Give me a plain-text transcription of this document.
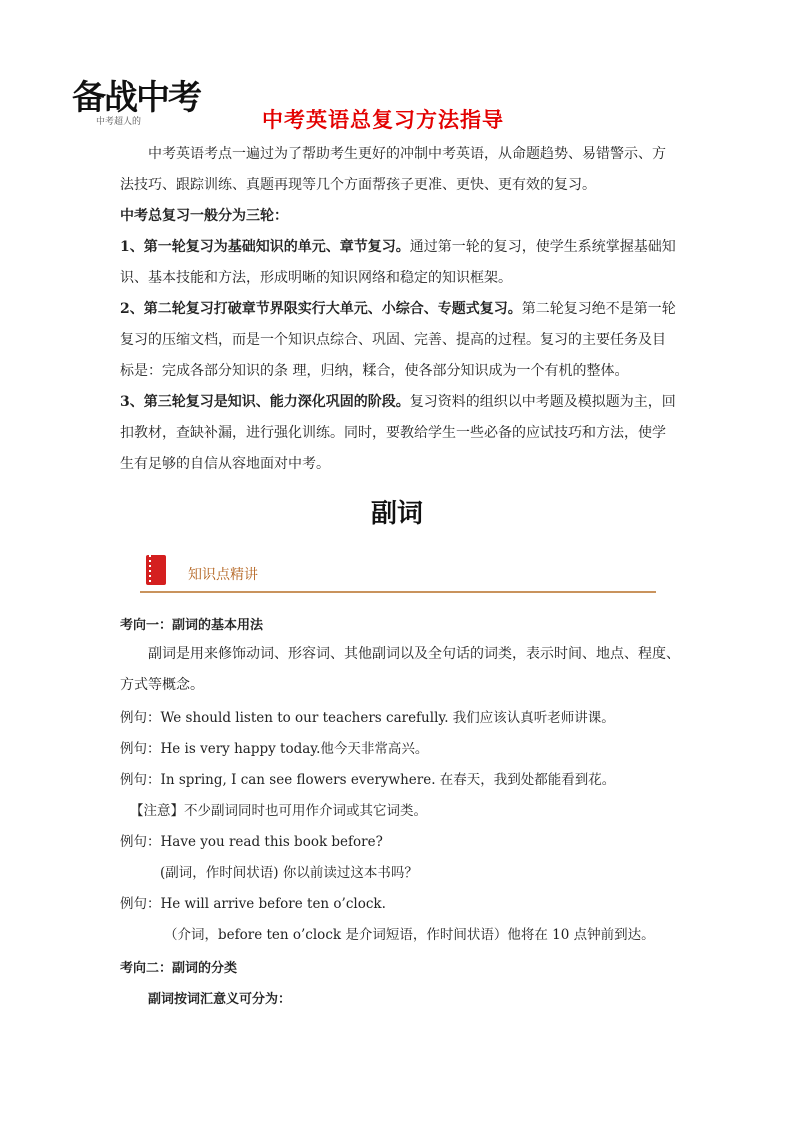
备战中考
中考超人的	中考英语总复习方法指导

中考英语考点一遍过为了帮助考生更好的冲制中考英语，从命题趋势、易错警示、方法技巧、跟踪训练、真题再现等几个方面帮孩子更准、更快、更有效的复习。

中考总复习一般分为三轮：

1、第一轮复习为基础知识的单元、章节复习。通过第一轮的复习，使学生系统掌握基础知识、基本技能和方法，形成明晰的知识网络和稳定的知识框架。

2、第二轮复习打破章节界限实行大单元、小综合、专题式复习。第二轮复习绝不是第一轮复习的压缩文档，而是一个知识点综合、巩固、完善、提高的过程。复习的主要任务及目标是：完成各部分知识的条 理，归纳，糅合，使各部分知识成为一个有机的整体。

3、第三轮复习是知识、能力深化巩固的阶段。复习资料的组织以中考题及模拟题为主，回扣教材，查缺补漏，进行强化训练。同时，要教给学生一些必备的应试技巧和方法，使学生有足够的自信从容地面对中考。

副词
知识点精讲
考向一：副词的基本用法

副词是用来修饰动词、形容词、其他副词以及全句话的词类，表示时间、地点、程度、方式等概念。

例句：We should listen to our teachers carefully. 我们应该认真听老师讲课。
例句：He is very happy today.他今天非常高兴。
例句：In spring, I can see flowers everywhere. 在春天，我到处都能看到花。
【注意】不少副词同时也可用作介词或其它词类。
例句：Have you read this book before?
(副词，作时间状语) 你以前读过这本书吗？
例句：He will arrive before ten o’clock.
（介词，before ten o’clock 是介词短语，作时间状语）他将在 10 点钟前到达。
考向二：副词的分类
副词按词汇意义可分为：
